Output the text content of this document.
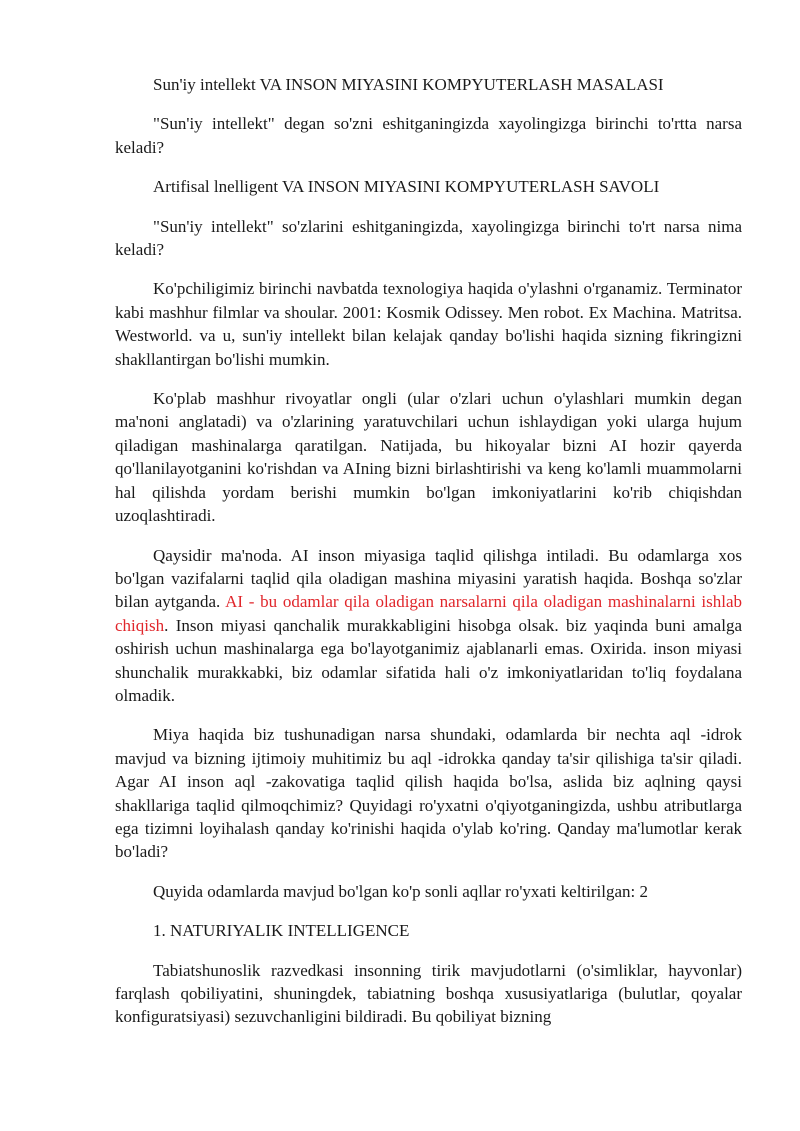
Sun'iy intellekt VA INSON MIYASINI KOMPYUTERLASH MASALASI

"Sun'iy intellekt" degan so'zni eshitganingizda xayolingizga birinchi to'rtta narsa keladi?

Artifisal lnelligent VA INSON MIYASINI KOMPYUTERLASH SAVOLI

"Sun'iy intellekt" so'zlarini eshitganingizda, xayolingizga birinchi to'rt narsa nima keladi?

Ko'pchiligimiz birinchi navbatda texnologiya haqida o'ylashni o'rganamiz. Terminator kabi mashhur filmlar va shoular. 2001: Kosmik Odissey. Men robot. Ex Machina. Matritsa. Westworld. va u, sun'iy intellekt bilan kelajak qanday bo'lishi haqida sizning fikringizni shakllantirgan bo'lishi mumkin.

Ko'plab mashhur rivoyatlar ongli (ular o'zlari uchun o'ylashlari mumkin degan ma'noni anglatadi) va o'zlarining yaratuvchilari uchun ishlaydigan yoki ularga hujum qiladigan mashinalarga qaratilgan. Natijada, bu hikoyalar bizni AI hozir qayerda qo'llanilayotganini ko'rishdan va AIning bizni birlashtirishi va keng ko'lamli muammolarni hal qilishda yordam berishi mumkin bo'lgan imkoniyatlarini ko'rib chiqishdan uzoqlashtiradi.

Qaysidir ma'noda. AI inson miyasiga taqlid qilishga intiladi. Bu odamlarga xos bo'lgan vazifalarni taqlid qila oladigan mashina miyasini yaratish haqida. Boshqa so'zlar bilan aytganda. AI - bu odamlar qila oladigan narsalarni qila oladigan mashinalarni ishlab chiqish. Inson miyasi qanchalik murakkabligini hisobga olsak. biz yaqinda buni amalga oshirish uchun mashinalarga ega bo'layotganimiz ajablanarli emas. Oxirida. inson miyasi shunchalik murakkabki, biz odamlar sifatida hali o'z imkoniyatlaridan to'liq foydalana olmadik.

Miya haqida biz tushunadigan narsa shundaki, odamlarda bir nechta aql -idrok mavjud va bizning ijtimoiy muhitimiz bu aql -idrokka qanday ta'sir qilishiga ta'sir qiladi. Agar AI inson aql -zakovatiga taqlid qilish haqida bo'lsa, aslida biz aqlning qaysi shakllariga taqlid qilmoqchimiz? Quyidagi ro'yxatni o'qiyotganingizda, ushbu atributlarga ega tizimni loyihalash qanday ko'rinishi haqida o'ylab ko'ring. Qanday ma'lumotlar kerak bo'ladi?

Quyida odamlarda mavjud bo'lgan ko'p sonli aqllar ro'yxati keltirilgan: 2

1. NATURIYALIK INTELLIGENCE

Tabiatshunoslik razvedkasi insonning tirik mavjudotlarni (o'simliklar, hayvonlar) farqlash qobiliyatini, shuningdek, tabiatning boshqa xususiyatlariga (bulutlar, qoyalar konfiguratsiyasi) sezuvchanligini bildiradi. Bu qobiliyat bizning
